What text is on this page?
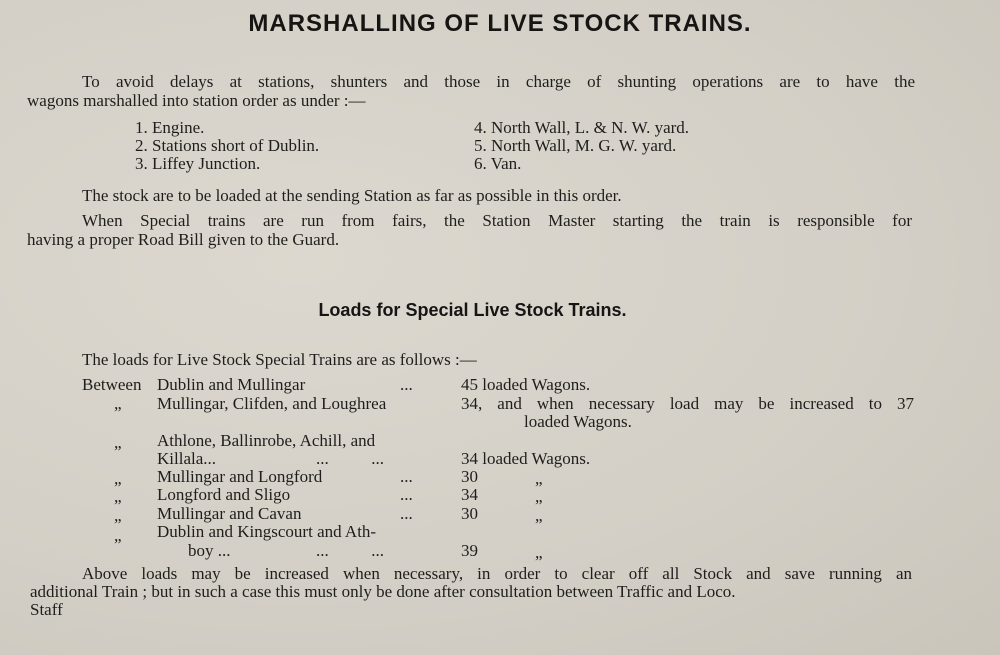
MARSHALLING OF LIVE STOCK TRAINS.
To avoid delays at stations, shunters and those in charge of shunting operations are to have the
wagons marshalled into station order as under :—
1. Engine.
2. Stations short of Dublin.
3. Liffey Junction.
4. North Wall, L. & N. W. yard.
5. North Wall, M. G. W. yard.
6. Van.
The stock are to be loaded at the sending Station as far as possible in this order.
When Special trains are run from fairs, the Station Master starting the train is responsible for
having a proper Road Bill given to the Guard.
Loads for Special Live Stock Trains.
The loads for Live Stock Special Trains are as follows :—
Between Dublin and Mullingar	...	45 loaded Wagons.
„ Mullingar, Clifden, and Loughrea	34, and when necessary load may be increased to 37
loaded Wagons.
„ Athlone, Ballinrobe, Achill, and
Killala...	...          ...	34 loaded Wagons.
„ Mullingar and Longford	...	30	„
„ Longford and Sligo	...	34	„
„ Mullingar and Cavan	...	30	„
„ Dublin and Kingscourt and Ath-
boy ...	...          ...	39	„
Above loads may be increased when necessary, in order to clear off all Stock and save running an
additional Train ; but in such a case this must only be done after consultation between Traffic and Loco.
Staff
